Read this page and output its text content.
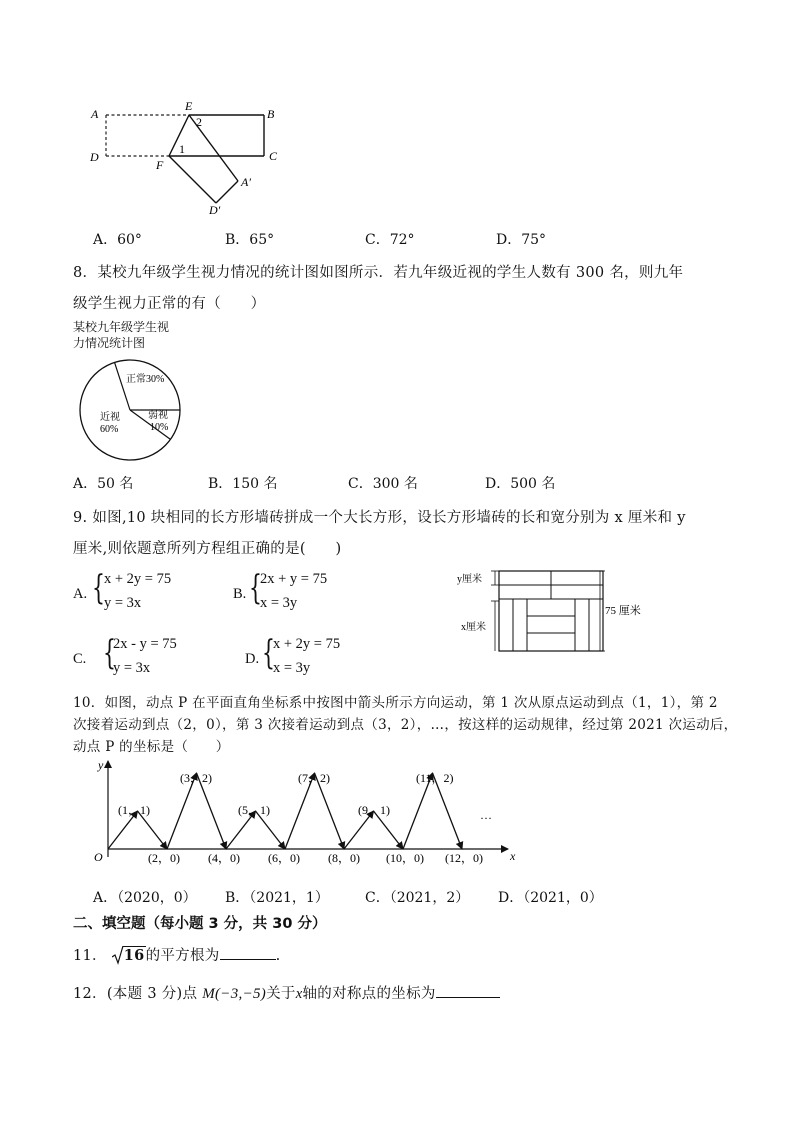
A
E
B
2
1
D
F
C
A′
D′
A．60°	B．65°	C．72°	D．75°
8．某校九年级学生视力情况的统计图如图所示．若九年级近视的学生人数有 300 名，则九年
级学生视力正常的有（　　）
某校九年级学生视
力情况统计图
正常30%
弱视
10%
近视
60%
A．50 名	B．150 名	C．300 名	D．500 名
9. 如图,10 块相同的长方形墙砖拼成一个大长方形，设长方形墙砖的长和宽分别为 x 厘米和 y
厘米,则依题意所列方程组正确的是(　　)
A. { x + 2y = 75
y = 3x
B. {
2x + y = 75
x = 3y
C. {
2x - y = 75
y = 3x
D. {
x + 2y = 75
x = 3y
y厘米
x厘米
75 厘米
10．如图，动点 P 在平面直角坐标系中按图中箭头所示方向运动，第 1 次从原点运动到点（1，1），第 2
次接着运动到点（2，0），第 3 次接着运动到点（3，2），…，按这样的运动规律，经过第 2021 次运动后，
动点 P 的坐标是（　　）
y
x
O
(1，1)
(3，2)
(5，1)
(7，2)
(9，1)
(11，2)
(2，0) (4，0) (6，0) (8，0) (10，0) (12，0)
…
A．（2020，0） B．（2021，1）	C．（2021，2） D．（2021，0）
二、填空题（每小题 3 分，共 30 分）
11． 16的平方根为	.
12．(本题 3 分)点 M(−3,−5)关于x轴的对称点的坐标为
